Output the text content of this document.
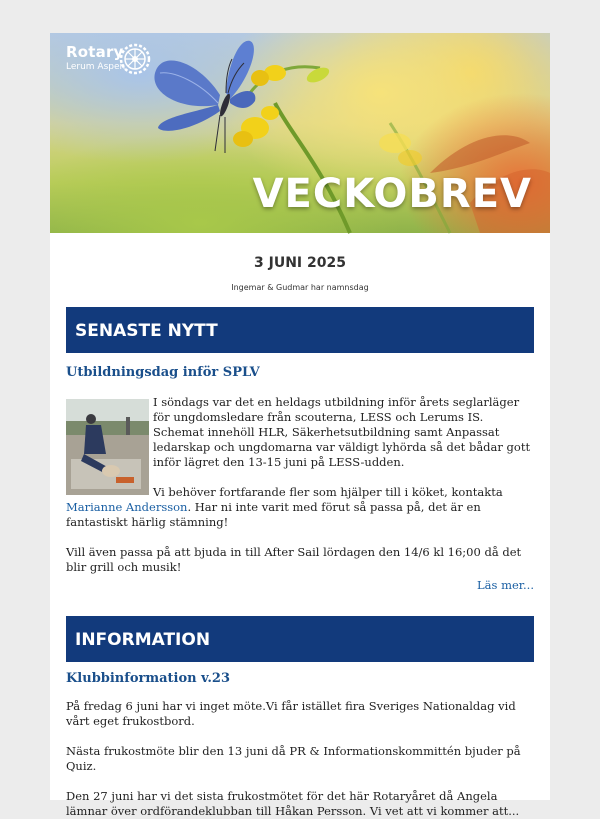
Rotary
Lerum Aspen
VECKOBREV
3 JUNI 2025
Ingemar & Gudmar har namnsdag
SENASTE NYTT
Utbildningsdag inför SPLV
I söndags var det en heldags utbildning inför årets seglarläger för ungdomsledare från scouterna, LESS och Lerums IS. Schemat innehöll HLR, Säkerhetsutbildning samt Anpassat ledarskap och ungdomarna var väldigt lyhörda så det bådar gott inför lägret den 13-15 juni på LESS-udden.
Vi behöver fortfarande fler som hjälper till i köket, kontakta Marianne Andersson. Har ni inte varit med förut så passa på, det är en fantastiskt härlig stämning!
Vill även passa på att bjuda in till After Sail lördagen den 14/6 kl 16;00 då det blir grill och musik!
Läs mer...
INFORMATION
Klubbinformation v.23
På fredag 6 juni har vi inget möte.Vi får istället fira Sveriges Nationaldag vid vårt eget frukostbord.
Nästa frukostmöte blir den 13 juni då PR & Informationskommittén bjuder på Quiz.
Den 27 juni har vi det sista frukostmötet för det här Rotaryåret då Angela lämnar över ordförandeklubban till Håkan Persson. Vi vet att vi kommer att...
